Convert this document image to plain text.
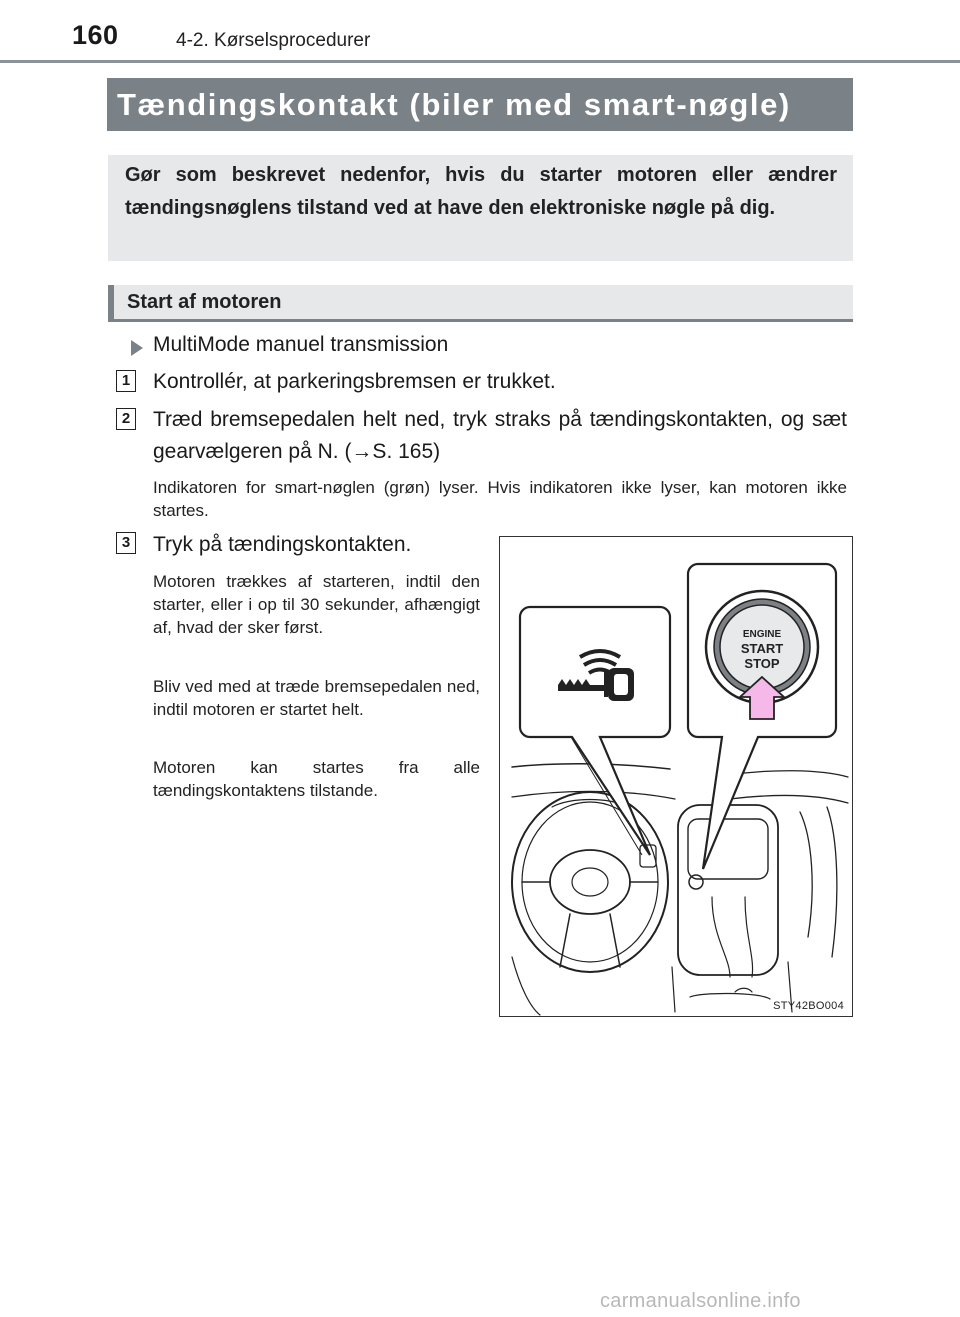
160	4-2. Kørselsprocedurer
Tændingskontakt (biler med smart-nøgle)
Gør som beskrevet nedenfor, hvis du starter motoren eller ændrer tændingsnøglens tilstand ved at have den elektroniske nøgle på dig.
Start af motoren
MultiMode manuel transmission
1 Kontrollér, at parkeringsbremsen er trukket.
2 Træd bremsepedalen helt ned, tryk straks på tændingskontakten, og sæt gearvælgeren på N. (→S. 165)
Indikatoren for smart-nøglen (grøn) lyser. Hvis indikatoren ikke lyser, kan motoren ikke startes.
3 Tryk på tændingskontakten.
Motoren trækkes af starteren, indtil den starter, eller i op til 30 sekunder, afhængigt af, hvad der sker først.
Bliv ved med at træde bremsepedalen ned, indtil motoren er startet helt.
Motoren kan startes fra alle tændingskontaktens tilstande.
ENGINE
START
STOP
STY42BO004
carmanualsonline.info
